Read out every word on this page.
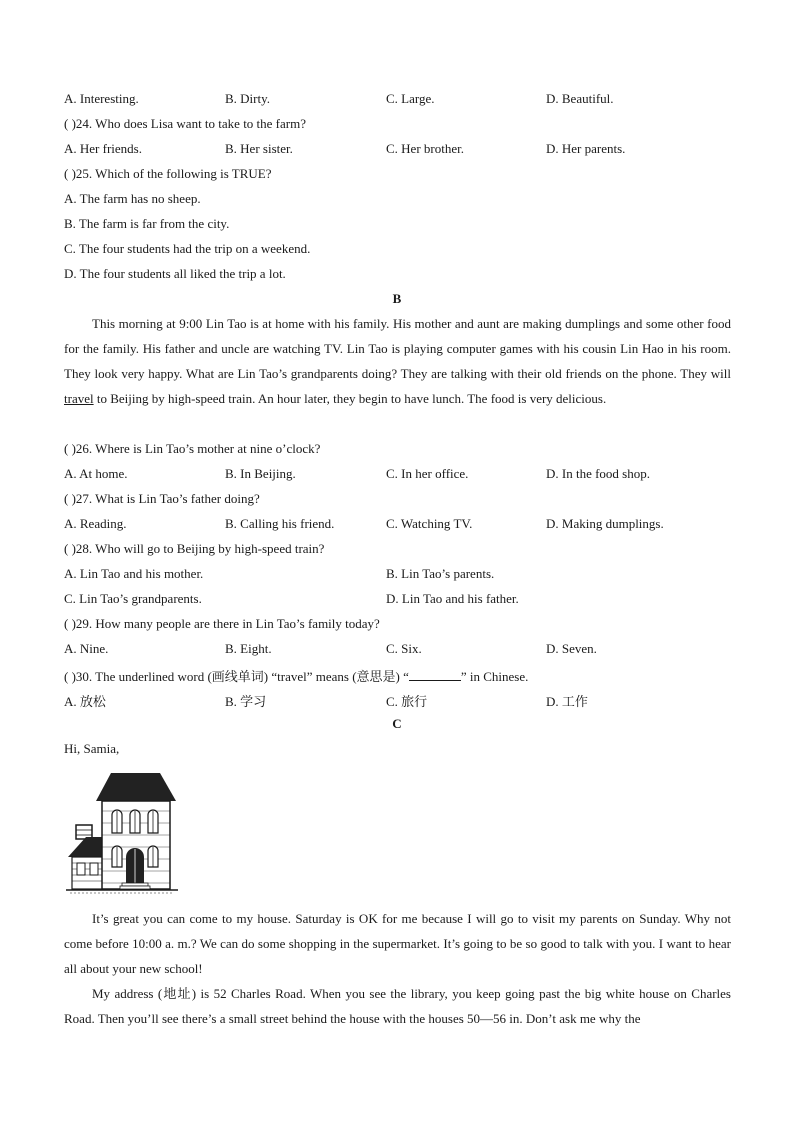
A. Interesting.	B. Dirty.	C. Large.	D. Beautiful.
( )24. Who does Lisa want to take to the farm?
A. Her friends.	B. Her sister.	C. Her brother.	D. Her parents.
( )25. Which of the following is TRUE?
A. The farm has no sheep.
B. The farm is far from the city.
C. The four students had the trip on a weekend.
D. The four students all liked the trip a lot.
B
This morning at 9:00 Lin Tao is at home with his family. His mother and aunt are making dumplings and some other food for the family. His father and uncle are watching TV. Lin Tao is playing computer games with his cousin Lin Hao in his room. They look very happy. What are Lin Tao’s grandparents doing? They are talking with their old friends on the phone. They will travel to Beijing by high-speed train. An hour later, they begin to have lunch. The food is very delicious.
( )26. Where is Lin Tao’s mother at nine o’clock?
A. At home.	B. In Beijing.	C. In her office.	D. In the food shop.
( )27. What is Lin Tao’s father doing?
A. Reading.	B. Calling his friend.	C. Watching TV.	D. Making dumplings.
( )28. Who will go to Beijing by high-speed train?
A. Lin Tao and his mother.	B. Lin Tao’s parents.
C. Lin Tao’s grandparents.	D. Lin Tao and his father.
( )29. How many people are there in Lin Tao’s family today?
A. Nine.	B. Eight.	C. Six.	D. Seven.
( )30. The underlined word (画线单词) “travel” means (意思是) “	” in Chinese.
A. 放松	B. 学习	C. 旅行	D. 工作
C
Hi, Samia,
It’s great you can come to my house. Saturday is OK for me because I will go to visit my parents on Sunday. Why not come before 10:00 a. m.? We can do some shopping in the supermarket. It’s going to be so good to talk with you. I want to hear all about your new school!
My address (地址) is 52 Charles Road. When you see the library, you keep going past the big white house on Charles Road. Then you’ll see there’s a small street behind the house with the houses 50—56 in. Don’t ask me why the
